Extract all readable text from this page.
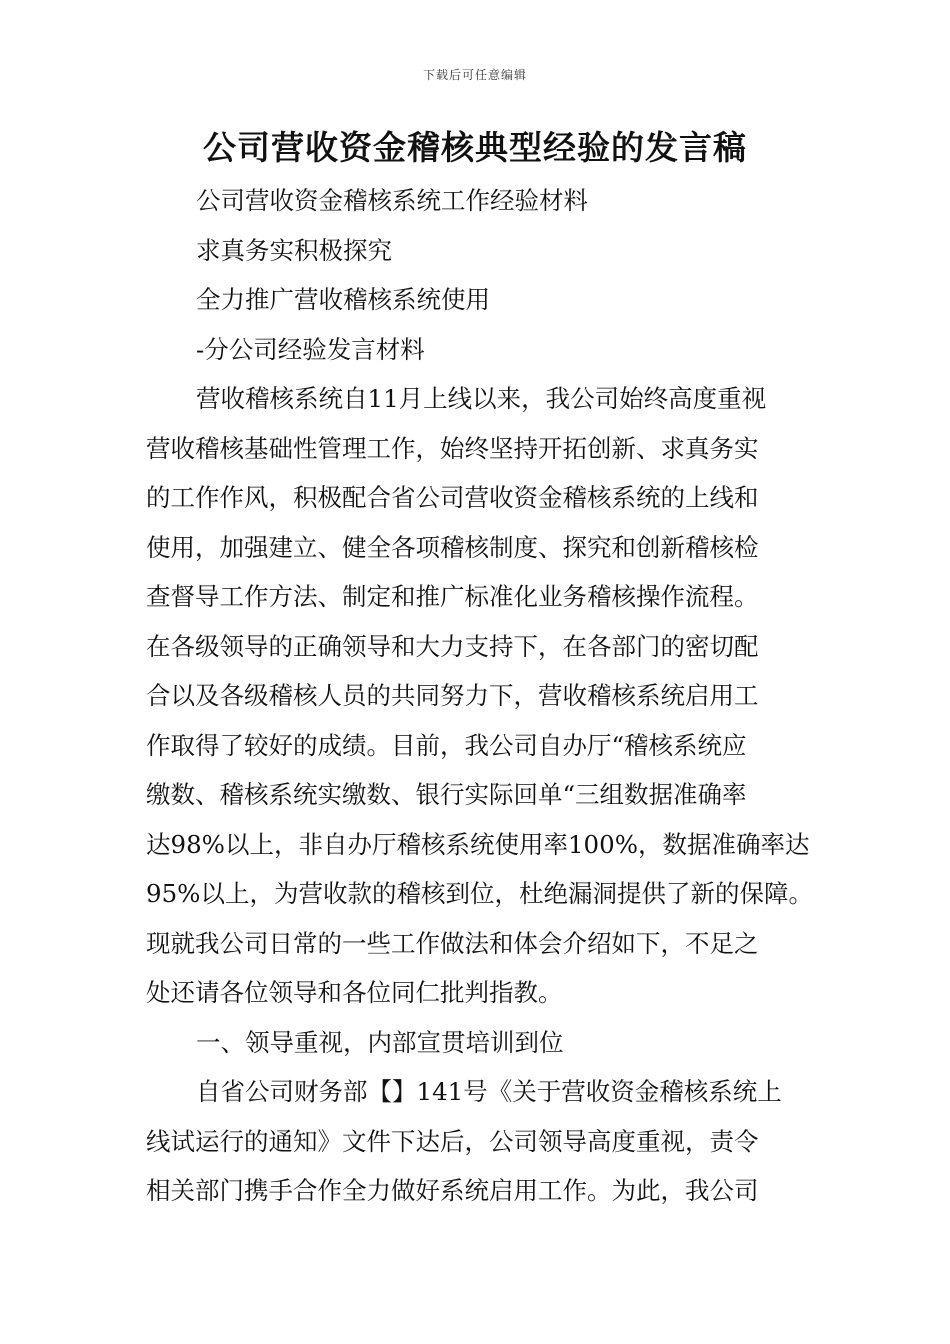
下载后可任意编辑
公司营收资金稽核典型经验的发言稿
公司营收资金稽核系统工作经验材料
求真务实积极探究
全力推广营收稽核系统使用
-分公司经验发言材料
营收稽核系统自11月上线以来，我公司始终高度重视
营收稽核基础性管理工作，始终坚持开拓创新、求真务实
的工作作风，积极配合省公司营收资金稽核系统的上线和
使用，加强建立、健全各项稽核制度、探究和创新稽核检
查督导工作方法、制定和推广标准化业务稽核操作流程。
在各级领导的正确领导和大力支持下，在各部门的密切配
合以及各级稽核人员的共同努力下，营收稽核系统启用工
作取得了较好的成绩。目前，我公司自办厅“稽核系统应
缴数、稽核系统实缴数、银行实际回单“三组数据准确率
达98%以上，非自办厅稽核系统使用率100%，数据准确率达
95%以上，为营收款的稽核到位，杜绝漏洞提供了新的保障。
现就我公司日常的一些工作做法和体会介绍如下，不足之
处还请各位领导和各位同仁批判指教。
一、领导重视，内部宣贯培训到位
自省公司财务部【】141号《关于营收资金稽核系统上
线试运行的通知》文件下达后，公司领导高度重视，责令
相关部门携手合作全力做好系统启用工作。为此，我公司
